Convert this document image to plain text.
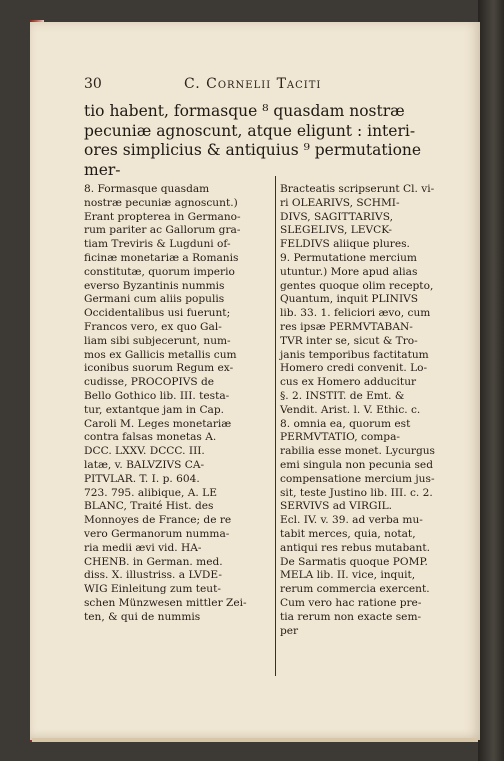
30	C. Cornelii Taciti
tio habent, formasque ⁸ quasdam nostræ
pecuniæ agnoscunt, atque eligunt : interi-
ores simplicius & antiquius ⁹ permutatione
mer-
8. Formasque quasdam
nostræ pecuniæ agnoscunt.)
Erant propterea in Germano-
rum pariter ac Gallorum gra-
tiam Treviris & Lugduni of-
ficinæ monetariæ a Romanis
constitutæ, quorum imperio
everso Byzantinis nummis
Germani cum aliis populis
Occidentalibus usi fuerunt;
Francos vero, ex quo Gal-
liam sibi subjecerunt, num-
mos ex Gallicis metallis cum
iconibus suorum Regum ex-
cudisse, PROCOPIVS de
Bello Gothico lib. III. testa-
tur, extantque jam in Cap.
Caroli M. Leges monetariæ
contra falsas monetas A.
DCC. LXXV. DCCC. III.
latæ, v. BALVZIVS CA-
PITVLAR. T. I. p. 604.
723. 795. alibique, A. LE
BLANC, Traité Hist. des
Monnoyes de France; de re
vero Germanorum numma-
ria medii ævi vid. HA-
CHENB. in German. med.
diss. X. illustriss. a LVDE-
WIG Einleitung zum teut-
schen Münzwesen mittler Zei-
ten, & qui de nummis
Bracteatis scripserunt Cl. vi-
ri OLEARIVS, SCHMI-
DIVS, SAGITTARIVS,
SLEGELIVS, LEVCK-
FELDIVS aliique plures.
9. Permutatione mercium
utuntur.) More apud alias
gentes quoque olim recepto,
Quantum, inquit PLINIVS
lib. 33. 1. feliciori ævo, cum
res ipsæ PERMVTABAN-
TVR inter se, sicut & Tro-
janis temporibus factitatum
Homero credi convenit. Lo-
cus ex Homero adducitur
§. 2. INSTIT. de Emt. &
Vendit. Arist. l. V. Ethic. c.
8. omnia ea, quorum est
PERMVTATIO, compa-
rabilia esse monet. Lycurgus
emi singula non pecunia sed
compensatione mercium jus-
sit, teste Justino lib. III. c. 2.
SERVIVS ad VIRGIL.
Ecl. IV. v. 39. ad verba mu-
tabit merces, quia, notat,
antiqui res rebus mutabant.
De Sarmatis quoque POMP.
MELA lib. II. vice, inquit,
rerum commercia exercent.
Cum vero hac ratione pre-
tia rerum non exacte sem-
per
